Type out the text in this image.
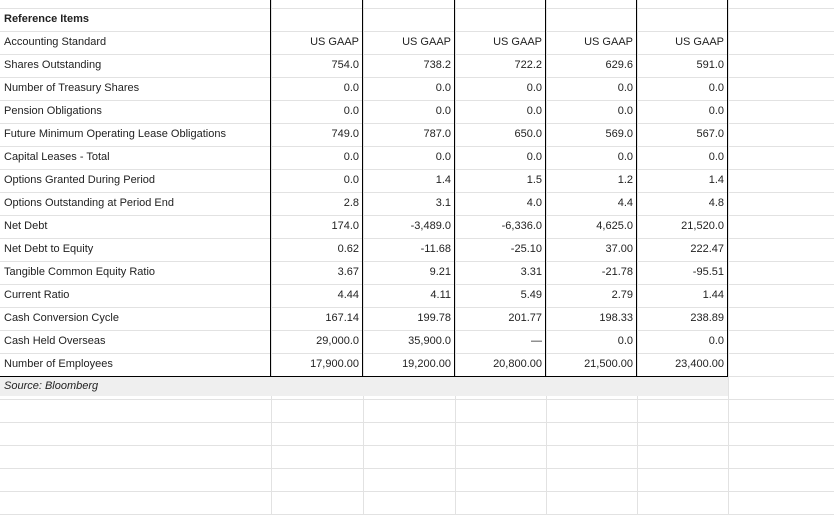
Reference Items
Accounting Standard	US GAAP	US GAAP	US GAAP	US GAAP	US GAAP
Shares Outstanding	754.0	738.2	722.2	629.6	591.0
Number of Treasury Shares	0.0	0.0	0.0	0.0	0.0
Pension Obligations	0.0	0.0	0.0	0.0	0.0
Future Minimum Operating Lease Obligations	749.0	787.0	650.0	569.0	567.0
Capital Leases - Total	0.0	0.0	0.0	0.0	0.0
Options Granted During Period	0.0	1.4	1.5	1.2	1.4
Options Outstanding at Period End	2.8	3.1	4.0	4.4	4.8
Net Debt	174.0	-3,489.0	-6,336.0	4,625.0	21,520.0
Net Debt to Equity	0.62	-11.68	-25.10	37.00	222.47
Tangible Common Equity Ratio	3.67	9.21	3.31	-21.78	-95.51
Current Ratio	4.44	4.11	5.49	2.79	1.44
Cash Conversion Cycle	167.14	199.78	201.77	198.33	238.89
Cash Held Overseas	29,000.0	35,900.0	—	0.0	0.0
Number of Employees	17,900.00	19,200.00	20,800.00	21,500.00	23,400.00
Source: Bloomberg
